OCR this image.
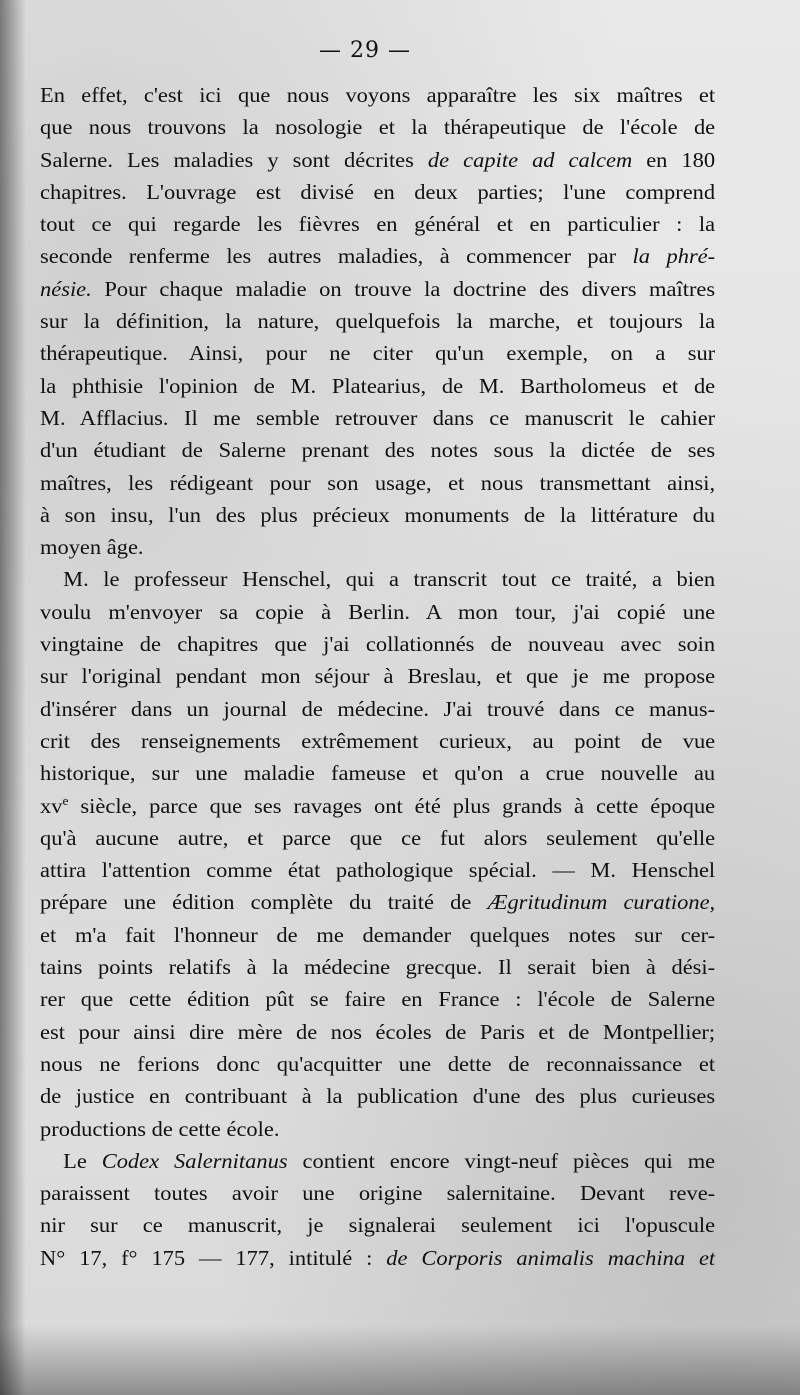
— 29 —
En effet, c'est ici que nous voyons apparaître les six maîtres et
que nous trouvons la nosologie et la thérapeutique de l'école de
Salerne. Les maladies y sont décrites de capite ad calcem en 180
chapitres. L'ouvrage est divisé en deux parties; l'une comprend
tout ce qui regarde les fièvres en général et en particulier : la
seconde renferme les autres maladies, à commencer par la phré-
nésie. Pour chaque maladie on trouve la doctrine des divers maîtres
sur la définition, la nature, quelquefois la marche, et toujours la
thérapeutique. Ainsi, pour ne citer qu'un exemple, on a sur
la phthisie l'opinion de M. Platearius, de M. Bartholomeus et de
M. Afflacius. Il me semble retrouver dans ce manuscrit le cahier
d'un étudiant de Salerne prenant des notes sous la dictée de ses
maîtres, les rédigeant pour son usage, et nous transmettant ainsi,
à son insu, l'un des plus précieux monuments de la littérature du
moyen âge.
M. le professeur Henschel, qui a transcrit tout ce traité, a bien
voulu m'envoyer sa copie à Berlin. A mon tour, j'ai copié une
vingtaine de chapitres que j'ai collationnés de nouveau avec soin
sur l'original pendant mon séjour à Breslau, et que je me propose
d'insérer dans un journal de médecine. J'ai trouvé dans ce manus-
crit des renseignements extrêmement curieux, au point de vue
historique, sur une maladie fameuse et qu'on a crue nouvelle au
$xv^e$ siècle, parce que ses ravages ont été plus grands à cette époque
qu'à aucune autre, et parce que ce fut alors seulement qu'elle
attira l'attention comme état pathologique spécial. — M. Henschel
prépare une édition complète du traité de Ægritudinum curatione,
et m'a fait l'honneur de me demander quelques notes sur cer-
tains points relatifs à la médecine grecque. Il serait bien à dési-
rer que cette édition pût se faire en France : l'école de Salerne
est pour ainsi dire mère de nos écoles de Paris et de Montpellier;
nous ne ferions donc qu'acquitter une dette de reconnaissance et
de justice en contribuant à la publication d'une des plus curieuses
productions de cette école.
Le Codex Salernitanus contient encore vingt-neuf pièces qui me
paraissent toutes avoir une origine salernitaine. Devant reve-
nir sur ce manuscrit, je signalerai seulement ici l'opuscule
N° 17, f° 175 — 177, intitulé : de Corporis animalis machina et
